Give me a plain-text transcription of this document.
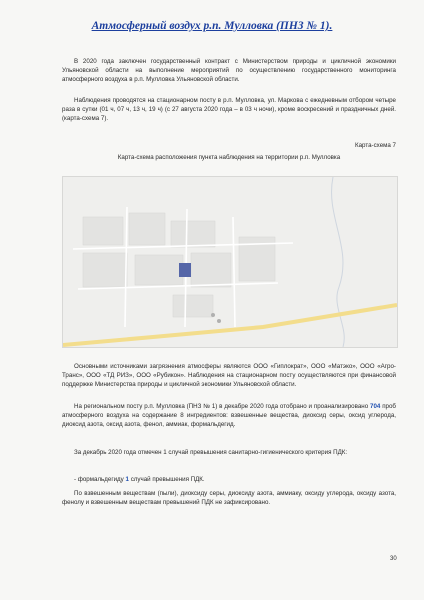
Атмосферный воздух р.п. Мулловка (ПНЗ № 1).

В 2020 года заключен государственный контракт с Министерством природы и цикличной экономики Ульяновской области на выполнение мероприятий по осуществлению государственного мониторинга атмосферного воздуха в р.п. Мулловка Ульяновской области.

Наблюдения проводятся на стационарном посту в р.п. Мулловка, ул. Маркова с ежедневным отбором четыре раза в сутки (01 ч, 07 ч, 13 ч, 19 ч) (с 27 августа 2020 года – в 03 ч ночи), кроме воскресений и праздничных дней. (карта-схема 7).

Карта-схема 7

Карта-схема расположения пункта наблюдения на территории р.п. Мулловка

Основными источниками загрязнения атмосферы являются ООО «Гиплократ», ООО «Матэко», ООО «Агро-Транс», ООО «ТД РИЗ», ООО «Рубикон». Наблюдения на стационарном посту осуществляются при финансовой поддержке Министерства природы и цикличной экономики Ульяновской области.

На региональном посту р.п. Мулловка (ПНЗ № 1) в декабре 2020 года отобрано и проанализировано 704 проб атмосферного воздуха на содержание 8 ингредиентов: взвешенные вещества, диоксид серы, оксид углерода, диоксид азота, оксид азота, фенол, аммиак, формальдегид.

За декабрь 2020 года отмечен 1 случай превышения санитарно-гигиенического критерия ПДК:

- формальдегиду 1 случай превышения ПДК.

По взвешенным веществам (пыли), диоксиду серы, диоксиду азота, аммиаку, оксиду углерода, оксиду азота, фенолу и взвешенным веществам превышений ПДК не зафиксировано.

30
